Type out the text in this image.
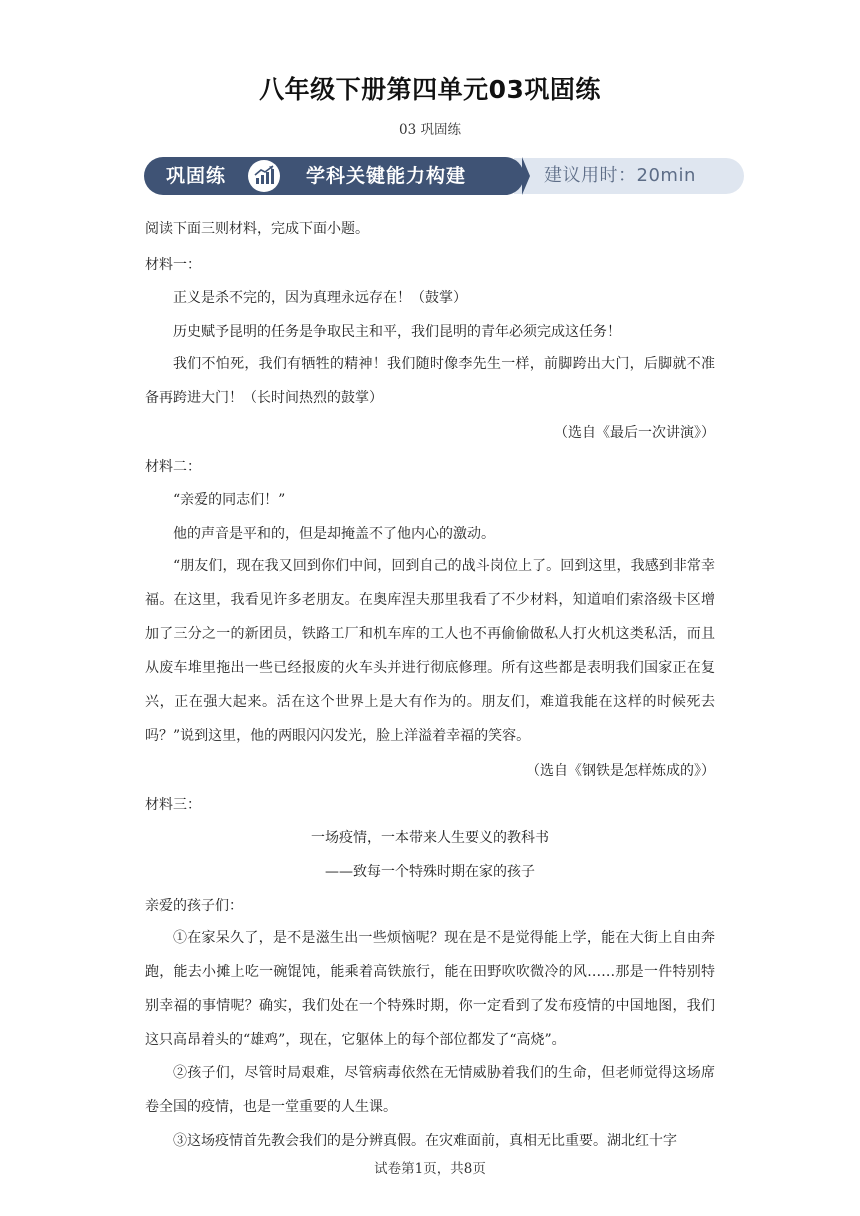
八年级下册第四单元03巩固练
03 巩固练
建议用时：20min
巩固练	学科关键能力构建
阅读下面三则材料，完成下面小题。
材料一：
正义是杀不完的，因为真理永远存在！（鼓掌）
历史赋予昆明的任务是争取民主和平，我们昆明的青年必须完成这任务！
我们不怕死，我们有牺牲的精神！我们随时像李先生一样，前脚跨出大门，后脚就不准备再跨进大门！（长时间热烈的鼓掌）
（选自《最后一次讲演》）
材料二：
“亲爱的同志们！”
他的声音是平和的，但是却掩盖不了他内心的激动。
“朋友们，现在我又回到你们中间，回到自己的战斗岗位上了。回到这里，我感到非常幸福。在这里，我看见许多老朋友。在奥库涅夫那里我看了不少材料，知道咱们索洛级卡区增加了三分之一的新团员，铁路工厂和机车库的工人也不再偷偷做私人打火机这类私活，而且从废车堆里拖出一些已经报废的火车头并进行彻底修理。所有这些都是表明我们国家正在复兴，正在强大起来。活在这个世界上是大有作为的。朋友们，难道我能在这样的时候死去吗？”说到这里，他的两眼闪闪发光，脸上洋溢着幸福的笑容。
（选自《钢铁是怎样炼成的》）
材料三：
一场疫情，一本带来人生要义的教科书
——致每一个特殊时期在家的孩子
亲爱的孩子们：
①在家呆久了，是不是滋生出一些烦恼呢？现在是不是觉得能上学，能在大街上自由奔跑，能去小摊上吃一碗馄饨，能乘着高铁旅行，能在田野吹吹微冷的风……那是一件特别特别幸福的事情呢？确实，我们处在一个特殊时期，你一定看到了发布疫情的中国地图，我们这只高昂着头的“雄鸡”，现在，它躯体上的每个部位都发了“高烧”。
②孩子们，尽管时局艰难，尽管病毒依然在无情威胁着我们的生命，但老师觉得这场席卷全国的疫情，也是一堂重要的人生课。
③这场疫情首先教会我们的是分辨真假。在灾难面前，真相无比重要。湖北红十字
试卷第1页，共8页
